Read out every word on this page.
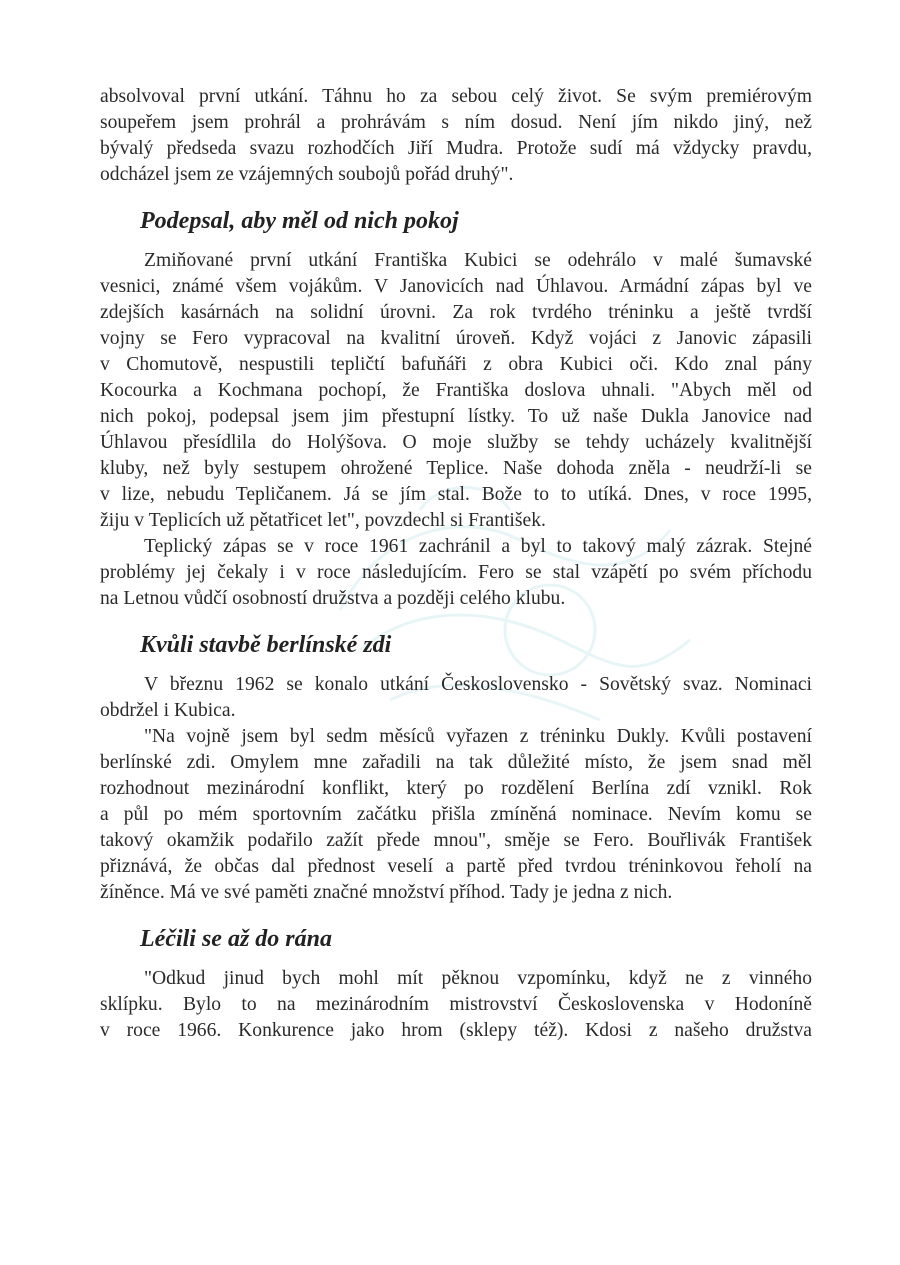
absolvoval první utkání. Táhnu ho za sebou celý život. Se svým premiérovým
soupeřem jsem prohrál a prohrávám s ním dosud. Není jím nikdo jiný, než
bývalý předseda svazu rozhodčích Jiří Mudra. Protože sudí má vždycky pravdu,
odcházel jsem ze vzájemných soubojů pořád druhý".
Podepsal, aby měl od nich pokoj
Zmiňované první utkání Františka Kubici se odehrálo v malé šumavské
vesnici, známé všem vojákům. V Janovicích nad Úhlavou. Armádní zápas byl ve
zdejších kasárnách na solidní úrovni. Za rok tvrdého tréninku a ještě tvrdší
vojny se Fero vypracoval na kvalitní úroveň. Když vojáci z Janovic zápasili
v Chomutově, nespustili tepličtí bafuňáři z obra Kubici oči. Kdo znal pány
Kocourka a Kochmana pochopí, že Františka doslova uhnali. "Abych měl od
nich pokoj, podepsal jsem jim přestupní lístky. To už naše Dukla Janovice nad
Úhlavou přesídlila do Holýšova. O moje služby se tehdy ucházely kvalitnější
kluby, než byly sestupem ohrožené Teplice. Naše dohoda zněla - neudrží-li se
v lize, nebudu Tepličanem. Já se jím stal. Bože to to utíká. Dnes, v roce 1995,
žiju v Teplicích už pětatřicet let", povzdechl si František.
Teplický zápas se v roce 1961 zachránil a byl to takový malý zázrak. Stejné
problémy jej čekaly i v roce následujícím. Fero se stal vzápětí po svém příchodu
na Letnou vůdčí osobností družstva a později celého klubu.
Kvůli stavbě berlínské zdi
V březnu 1962 se konalo utkání Československo - Sovětský svaz. Nominaci
obdržel i Kubica.
"Na vojně jsem byl sedm měsíců vyřazen z tréninku Dukly. Kvůli postavení
berlínské zdi. Omylem mne zařadili na tak důležité místo, že jsem snad měl
rozhodnout mezinárodní konflikt, který po rozdělení Berlína zdí vznikl. Rok
a půl po mém sportovním začátku přišla zmíněná nominace. Nevím komu se
takový okamžik podařilo zažít přede mnou", směje se Fero. Bouřlivák František
přiznává, že občas dal přednost veselí a partě před tvrdou tréninkovou řeholí na
žíněnce. Má ve své paměti značné množství příhod. Tady je jedna z nich.
Léčili se až do rána
"Odkud jinud bych mohl mít pěknou vzpomínku, když ne z vinného
sklípku. Bylo to na mezinárodním mistrovství Československa v Hodoníně
v roce 1966. Konkurence jako hrom (sklepy též). Kdosi z našeho družstva
